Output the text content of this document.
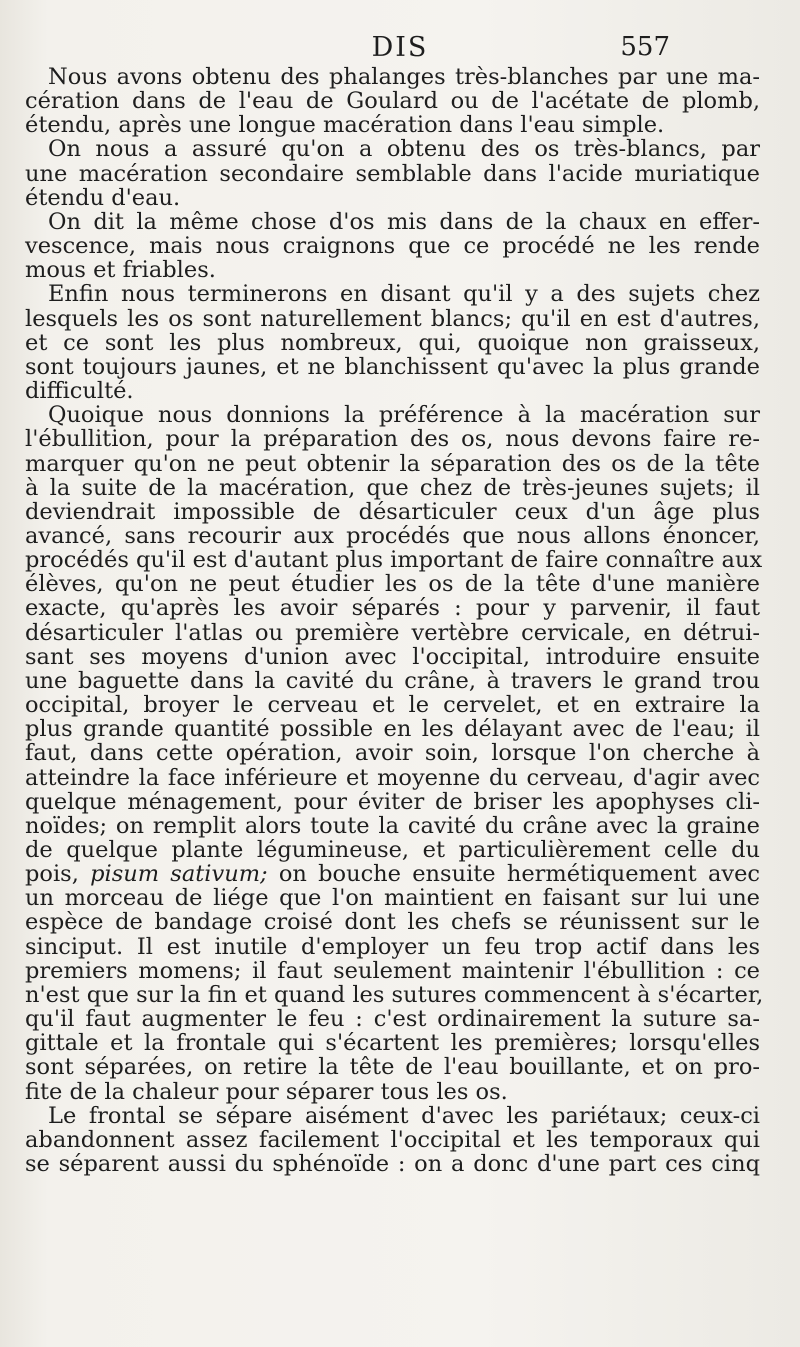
DIS	557
Nous avons obtenu des phalanges très-blanches par une ma-
cération dans de l'eau de Goulard ou de l'acétate de plomb,
étendu, après une longue macération dans l'eau simple.
On nous a assuré qu'on a obtenu des os très-blancs, par
une macération secondaire semblable dans l'acide muriatique
étendu d'eau.
On dit la même chose d'os mis dans de la chaux en effer-
vescence, mais nous craignons que ce procédé ne les rende
mous et friables.
Enfin nous terminerons en disant qu'il y a des sujets chez
lesquels les os sont naturellement blancs; qu'il en est d'autres,
et ce sont les plus nombreux, qui, quoique non graisseux,
sont toujours jaunes, et ne blanchissent qu'avec la plus grande
difficulté.
Quoique nous donnions la préférence à la macération sur
l'ébullition, pour la préparation des os, nous devons faire re-
marquer qu'on ne peut obtenir la séparation des os de la tête
à la suite de la macération, que chez de très-jeunes sujets; il
deviendrait impossible de désarticuler ceux d'un âge plus
avancé, sans recourir aux procédés que nous allons énoncer,
procédés qu'il est d'autant plus important de faire connaître aux
élèves, qu'on ne peut étudier les os de la tête d'une manière
exacte, qu'après les avoir séparés : pour y parvenir, il faut
désarticuler l'atlas ou première vertèbre cervicale, en détrui-
sant ses moyens d'union avec l'occipital, introduire ensuite
une baguette dans la cavité du crâne, à travers le grand trou
occipital, broyer le cerveau et le cervelet, et en extraire la
plus grande quantité possible en les délayant avec de l'eau; il
faut, dans cette opération, avoir soin, lorsque l'on cherche à
atteindre la face inférieure et moyenne du cerveau, d'agir avec
quelque ménagement, pour éviter de briser les apophyses cli-
noïdes; on remplit alors toute la cavité du crâne avec la graine
de quelque plante légumineuse, et particulièrement celle du
pois, pisum sativum; on bouche ensuite hermétiquement avec
un morceau de liége que l'on maintient en faisant sur lui une
espèce de bandage croisé dont les chefs se réunissent sur le
sinciput. Il est inutile d'employer un feu trop actif dans les
premiers momens; il faut seulement maintenir l'ébullition : ce
n'est que sur la fin et quand les sutures commencent à s'écarter,
qu'il faut augmenter le feu : c'est ordinairement la suture sa-
gittale et la frontale qui s'écartent les premières; lorsqu'elles
sont séparées, on retire la tête de l'eau bouillante, et on pro-
fite de la chaleur pour séparer tous les os.
Le frontal se sépare aisément d'avec les pariétaux; ceux-ci
abandonnent assez facilement l'occipital et les temporaux qui
se séparent aussi du sphénoïde : on a donc d'une part ces cinq
